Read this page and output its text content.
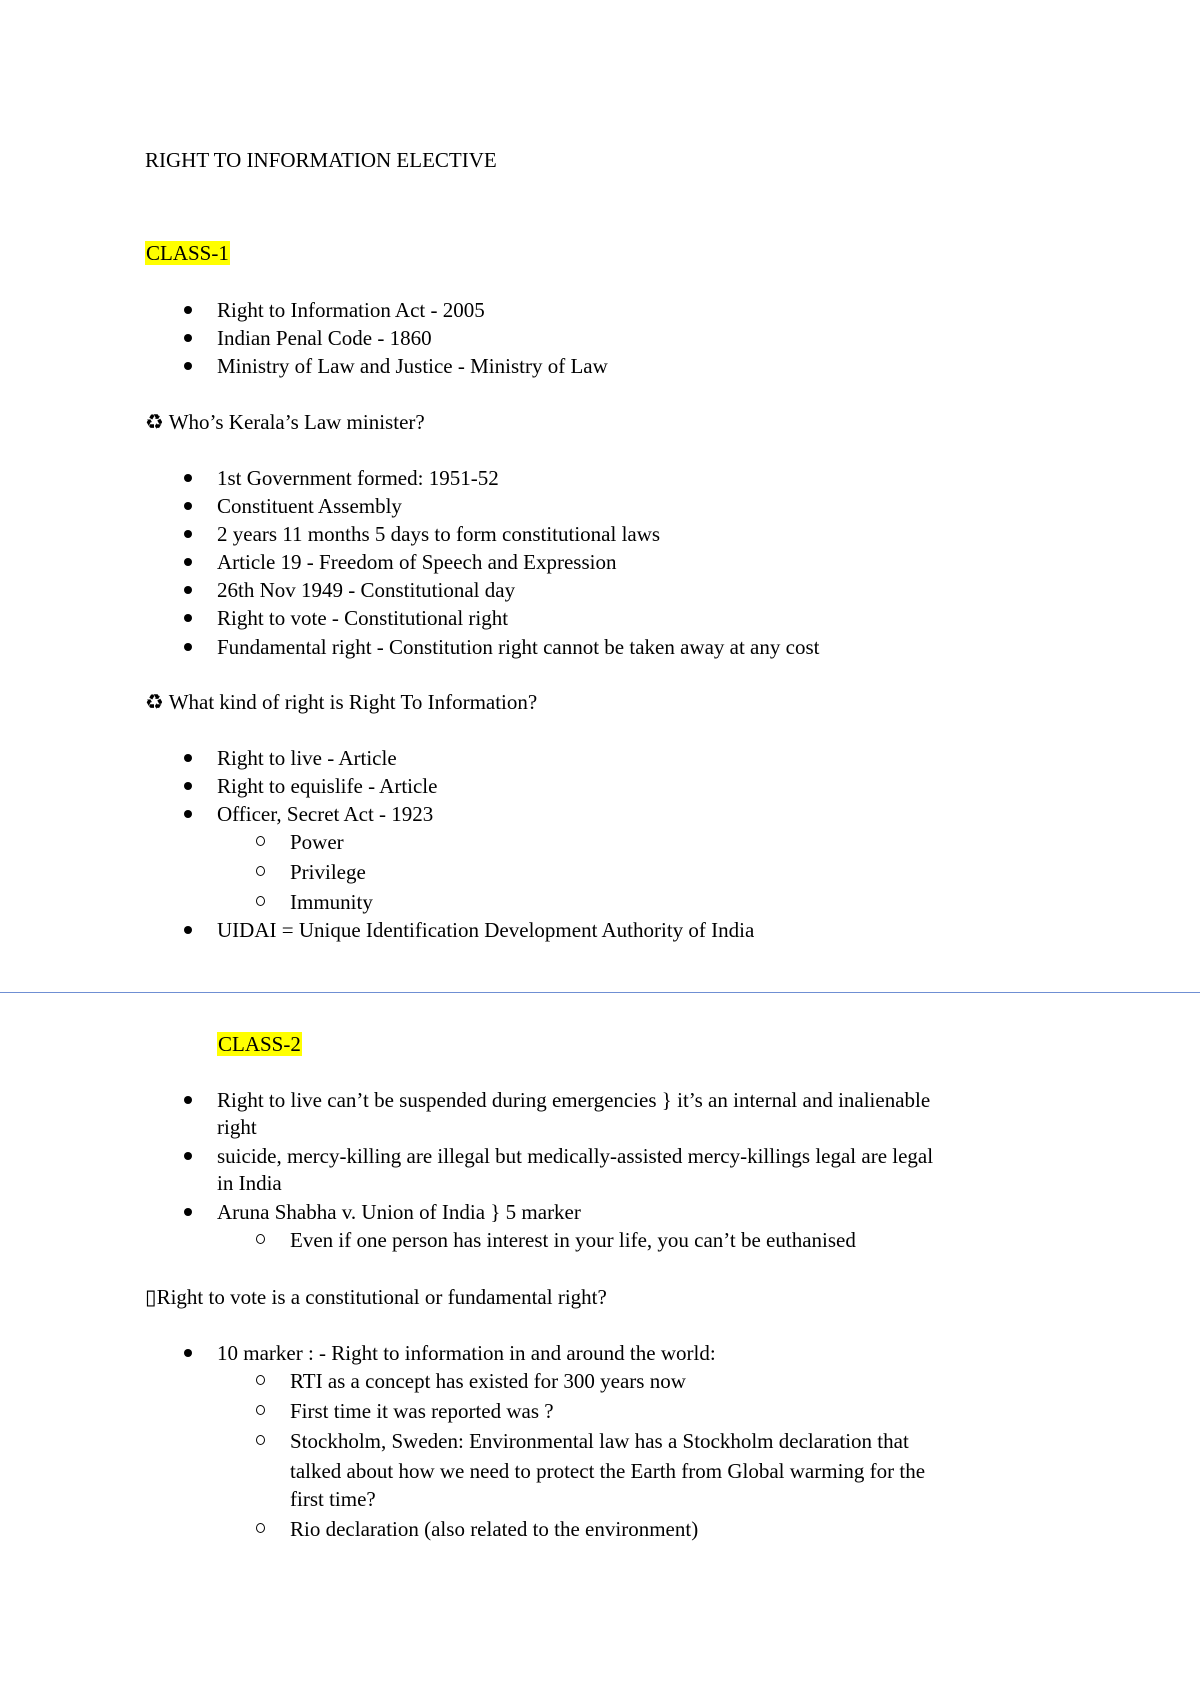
RIGHT TO INFORMATION ELECTIVE
CLASS-1
Right to Information Act - 2005
Indian Penal Code - 1860
Ministry of Law and Justice - Ministry of Law
♻ Who’s Kerala’s Law minister?
1st Government formed: 1951-52
Constituent Assembly
2 years 11 months 5 days to form constitutional laws
Article 19 - Freedom of Speech and Expression
26th Nov 1949 - Constitutional day
Right to vote - Constitutional right
Fundamental right - Constitution right cannot be taken away at any cost
♻ What kind of right is Right To Information?
Right to live - Article
Right to equislife - Article
Officer, Secret Act - 1923
Power
Privilege
Immunity
UIDAI = Unique Identification Development Authority of India
CLASS-2
Right to live can’t be suspended during emergencies } it’s an internal and inalienable
right
suicide, mercy-killing are illegal but medically-assisted mercy-killings legal are legal
in India
Aruna Shabha v. Union of India } 5 marker
Even if one person has interest in your life, you can’t be euthanised
▯Right to vote is a constitutional or fundamental right?
10 marker : - Right to information in and around the world:
RTI as a concept has existed for 300 years now
First time it was reported was ?
Stockholm, Sweden: Environmental law has a Stockholm declaration that
talked about how we need to protect the Earth from Global warming for the
first time?
Rio declaration (also related to the environment)
